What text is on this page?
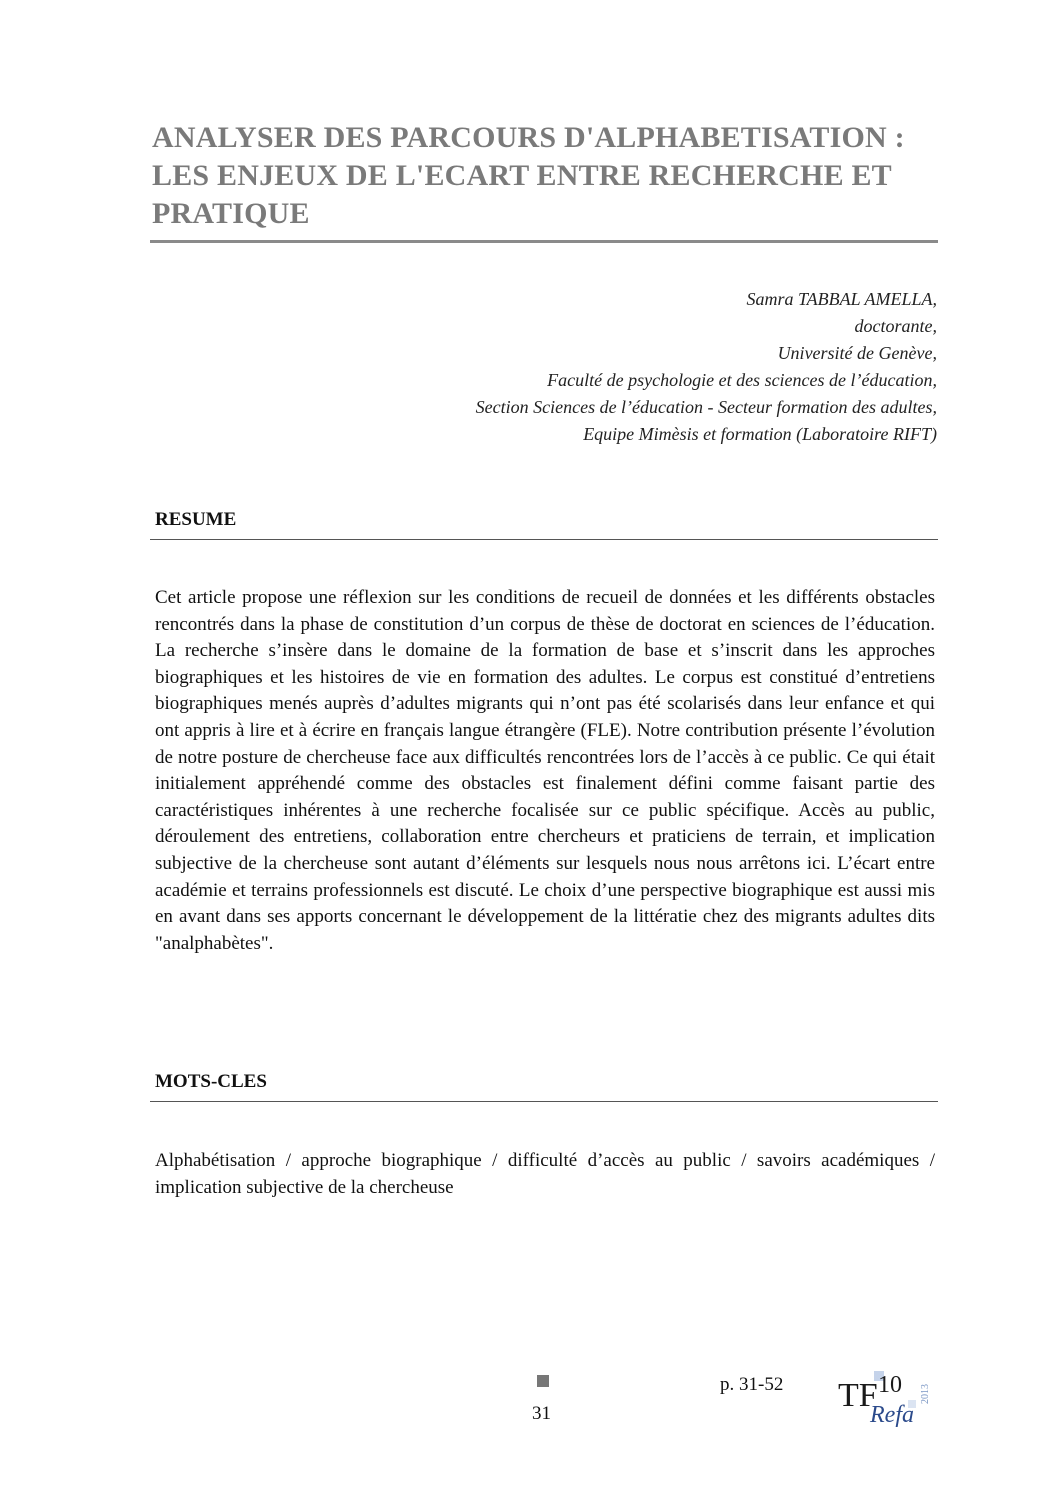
ANALYSER DES PARCOURS D'ALPHABETISATION :
LES ENJEUX DE L'ECART ENTRE RECHERCHE ET
PRATIQUE
Samra TABBAL AMELLA,
doctorante,
Université de Genève,
Faculté de psychologie et des sciences de l’éducation,
Section Sciences de l’éducation - Secteur formation des adultes,
Equipe Mimèsis et formation (Laboratoire RIFT)
RESUME

Cet article propose une réflexion sur les conditions de recueil de données et les différents obstacles rencontrés dans la phase de constitution d’un corpus de thèse de doctorat en sciences de l’éducation. La recherche s’insère dans le domaine de la formation de base et s’inscrit dans les approches biographiques et les histoires de vie en formation des adultes. Le corpus est constitué d’entretiens biographiques menés auprès d’adultes migrants qui n’ont pas été scolarisés dans leur enfance et qui ont appris à lire et à écrire en français langue étrangère (FLE). Notre contribution présente l’évolution de notre posture de chercheuse face aux difficultés rencontrées lors de l’accès à ce public. Ce qui était initialement appréhendé comme des obstacles est finalement défini comme faisant partie des caractéristiques inhérentes à une recherche focalisée sur ce public spécifique. Accès au public, déroulement des entretiens, collaboration entre chercheurs et praticiens de terrain, et implication subjective de la chercheuse sont autant d’éléments sur lesquels nous nous arrêtons ici. L’écart entre académie et terrains professionnels est discuté. Le choix d’une perspective biographique est aussi mis en avant dans ses apports concernant le développement de la littératie chez des migrants adultes dits "analphabètes".

MOTS-CLES

Alphabétisation / approche biographique / difficulté d’accès au public / savoirs académiques / implication subjective de la chercheuse

31
p. 31-52 TF 10
Refa
2013
